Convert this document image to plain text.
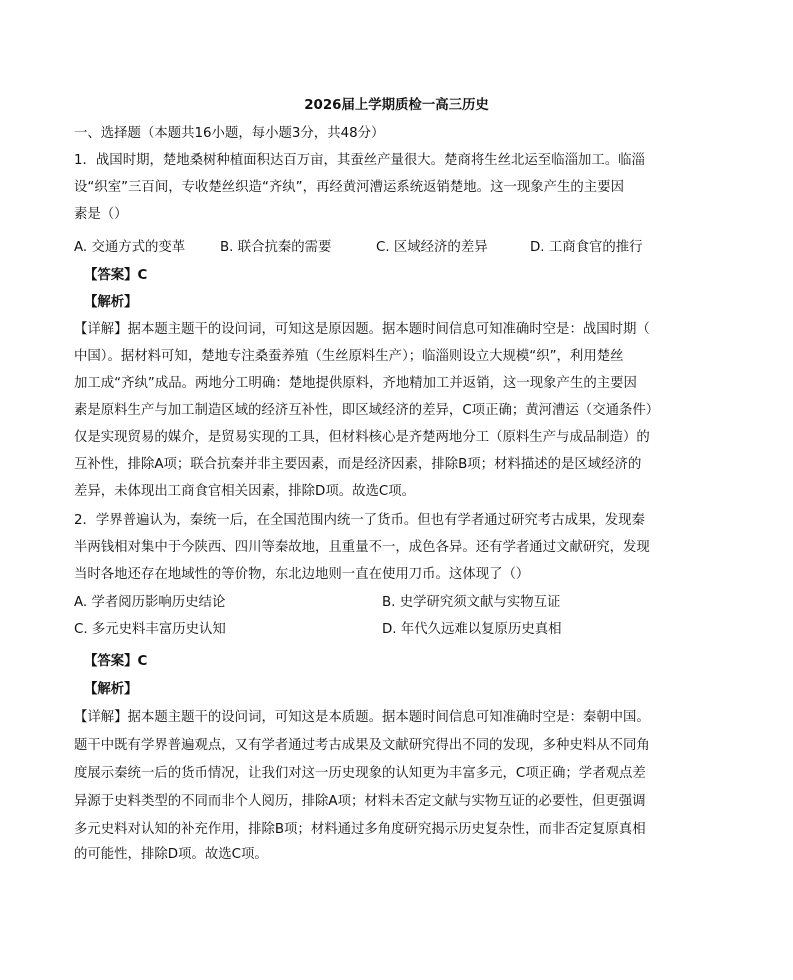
2026届上学期质检一高三历史
一、选择题（本题共16小题，每小题3分，共48分）
1．战国时期，楚地桑树种植面积达百万亩，其蚕丝产量很大。楚商将生丝北运至临淄加工。临淄
设“织室”三百间，专收楚丝织造“齐纨”，再经黄河漕运系统返销楚地。这一现象产生的主要因
素是（）
A. 交通方式的变革	B. 联合抗秦的需要	C. 区域经济的差异	D. 工商食官的推行
【答案】C
【解析】
【详解】据本题主题干的设问词，可知这是原因题。据本题时间信息可知准确时空是：战国时期（
中国）。据材料可知，楚地专注桑蚕养殖（生丝原料生产）；临淄则设立大规模“织”，利用楚丝
加工成“齐纨”成品。两地分工明确：楚地提供原料，齐地精加工并返销，这一现象产生的主要因
素是原料生产与加工制造区域的经济互补性，即区域经济的差异，C项正确；黄河漕运（交通条件）
仅是实现贸易的媒介，是贸易实现的工具，但材料核心是齐楚两地分工（原料生产与成品制造）的
互补性，排除A项；联合抗秦并非主要因素，而是经济因素，排除B项；材料描述的是区域经济的
差异，未体现出工商食官相关因素，排除D项。故选C项。
2．学界普遍认为，秦统一后，在全国范围内统一了货币。但也有学者通过研究考古成果，发现秦
半两钱相对集中于今陕西、四川等秦故地，且重量不一，成色各异。还有学者通过文献研究，发现
当时各地还存在地域性的等价物，东北边地则一直在使用刀币。这体现了（）
A. 学者阅历影响历史结论	B. 史学研究须文献与实物互证
C. 多元史料丰富历史认知	D. 年代久远难以复原历史真相
【答案】C
【解析】
【详解】据本题主题干的设问词，可知这是本质题。据本题时间信息可知准确时空是：秦朝中国。
题干中既有学界普遍观点，又有学者通过考古成果及文献研究得出不同的发现，多种史料从不同角
度展示秦统一后的货币情况，让我们对这一历史现象的认知更为丰富多元，C项正确；学者观点差
异源于史料类型的不同而非个人阅历，排除A项；材料未否定文献与实物互证的必要性，但更强调
多元史料对认知的补充作用，排除B项；材料通过多角度研究揭示历史复杂性，而非否定复原真相
的可能性，排除D项。故选C项。
